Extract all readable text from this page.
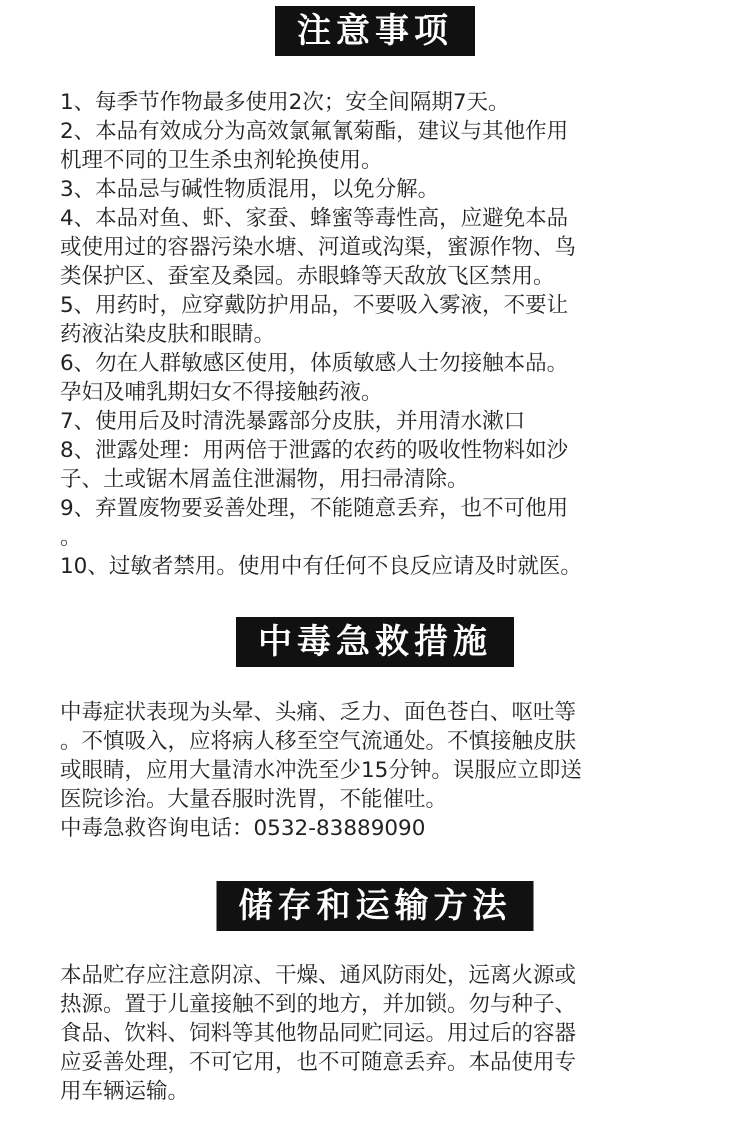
注意事项
1、每季节作物最多使用2次；安全间隔期7天。
2、本品有效成分为高效氯氟氰菊酯，建议与其他作用
机理不同的卫生杀虫剂轮换使用。
3、本品忌与碱性物质混用，以免分解。
4、本品对鱼、虾、家蚕、蜂蜜等毒性高，应避免本品
或使用过的容器污染水塘、河道或沟渠，蜜源作物、鸟
类保护区、蚕室及桑园。赤眼蜂等天敌放飞区禁用。
5、用药时，应穿戴防护用品，不要吸入雾液，不要让
药液沾染皮肤和眼睛。
6、勿在人群敏感区使用，体质敏感人士勿接触本品。
孕妇及哺乳期妇女不得接触药液。
7、使用后及时清洗暴露部分皮肤，并用清水漱口
8、泄露处理：用两倍于泄露的农药的吸收性物料如沙
子、土或锯木屑盖住泄漏物，用扫帚清除。
9、弃置废物要妥善处理，不能随意丢弃，也不可他用
。
10、过敏者禁用。使用中有任何不良反应请及时就医。
中毒急救措施
中毒症状表现为头晕、头痛、乏力、面色苍白、呕吐等
。不慎吸入，应将病人移至空气流通处。不慎接触皮肤
或眼睛，应用大量清水冲洗至少15分钟。误服应立即送
医院诊治。大量吞服时洗胃，不能催吐。
中毒急救咨询电话：0532-83889090
储存和运输方法
本品贮存应注意阴凉、干燥、通风防雨处，远离火源或
热源。置于儿童接触不到的地方，并加锁。勿与种子、
食品、饮料、饲料等其他物品同贮同运。用过后的容器
应妥善处理，不可它用，也不可随意丢弃。本品使用专
用车辆运输。
